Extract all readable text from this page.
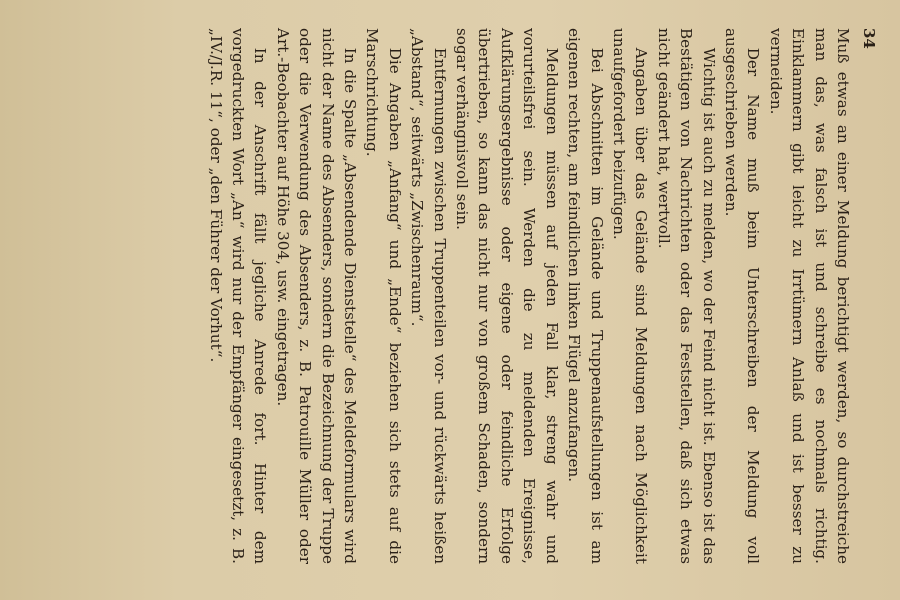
34

Muß etwas an einer Meldung berichtigt werden, so durchstreiche man das, was falsch ist und schreibe es nochmals richtig. Einklammern gibt leicht zu Irrtümern Anlaß und ist besser zu vermeiden.

Der Name muß beim Unterschreiben der Meldung voll ausgeschrieben werden.

Wichtig ist auch zu melden, wo der Feind nicht ist. Ebenso ist das Bestätigen von Nachrichten oder das Feststellen, daß sich etwas nicht geändert hat, wertvoll.

Angaben über das Gelände sind Meldungen nach Möglichkeit unaufgefordert beizufügen.

Bei Abschnitten im Gelände und Truppenaufstellungen ist am eigenen rechten, am feindlichen linken Flügel anzufangen.

Meldungen müssen auf jeden Fall klar, streng wahr und vorurteilsfrei sein. Werden die zu meldenden Ereignisse, Aufklärungsergebnisse oder eigene oder feindliche Erfolge übertrieben, so kann das nicht nur von großem Schaden, sondern sogar verhängnisvoll sein.

Entfernungen zwischen Truppenteilen vor- und rückwärts heißen „Abstand“, seitwärts „Zwischenraum“.

Die Angaben „Anfang“ und „Ende“ beziehen sich stets auf die Marschrichtung.

In die Spalte „Absendende Dienststelle“ des Meldeformulars wird nicht der Name des Absenders, sondern die Bezeichnung der Truppe oder die Verwendung des Absenders, z. B. Patrouille Müller oder Art.-Beobachter auf Höhe 304, usw. eingetragen.

In der Anschrift fällt jegliche Anrede fort. Hinter dem vorgedruckten Wort „An“ wird nur der Empfänger eingesetzt, z. B. „IV./J.R. 11“, oder „den Führer der Vorhut“.
